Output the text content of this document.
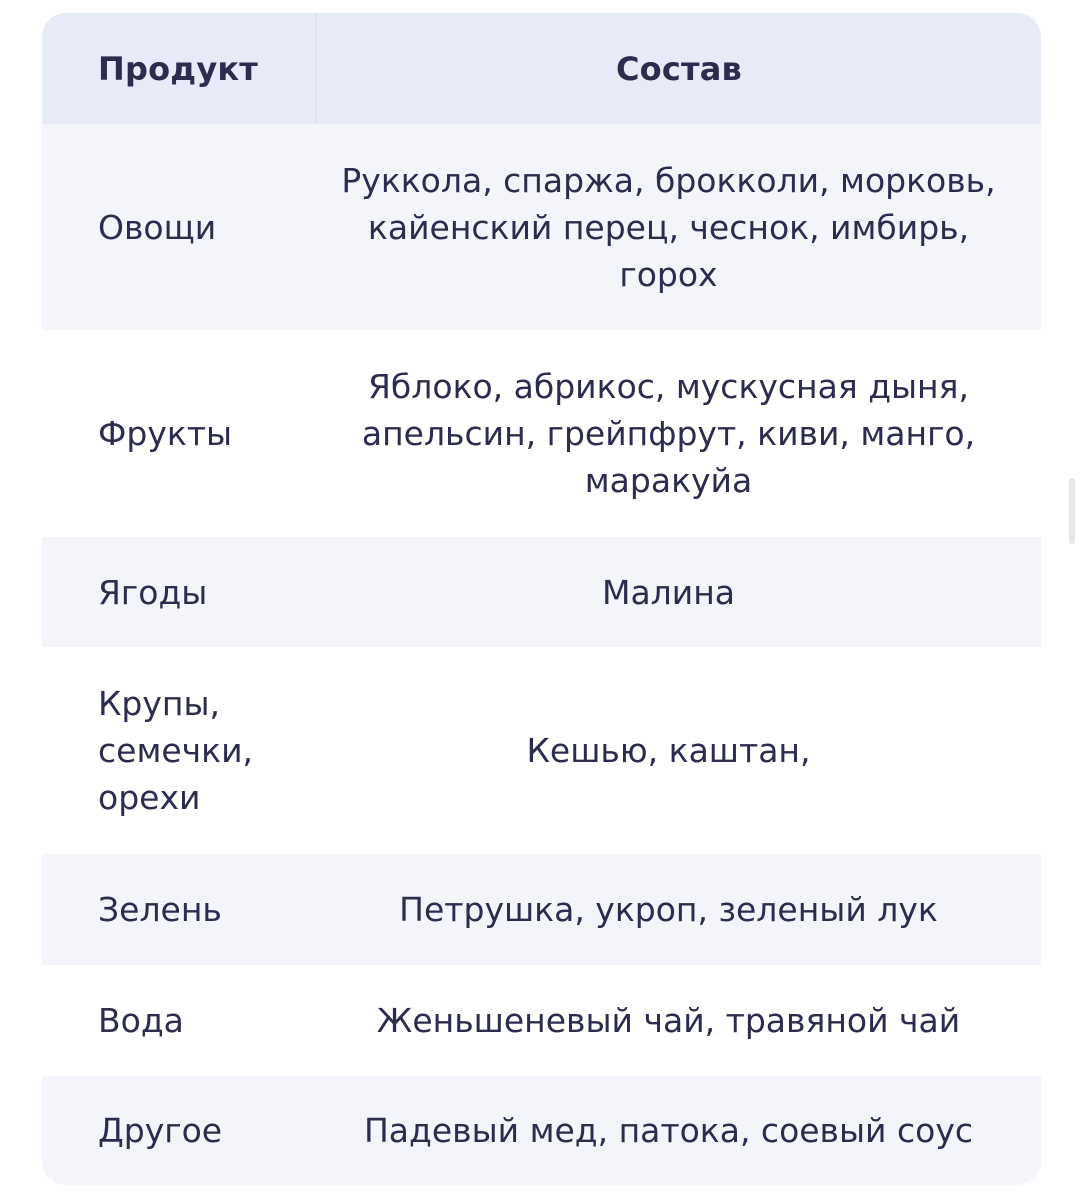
Продукт	Состав
Овощи	Руккола, спаржа, брокколи, морковь, кайенский перец, чеснок, имбирь, горох
Фрукты	Яблоко, абрикос, мускусная дыня, апельсин, грейпфрут, киви, манго, маракуйа
Ягоды	Малина
Крупы, семечки, орехи	Кешью, каштан,
Зелень	Петрушка, укроп, зеленый лук
Вода	Женьшеневый чай, травяной чай
Другое	Падевый мед, патока, соевый соус
